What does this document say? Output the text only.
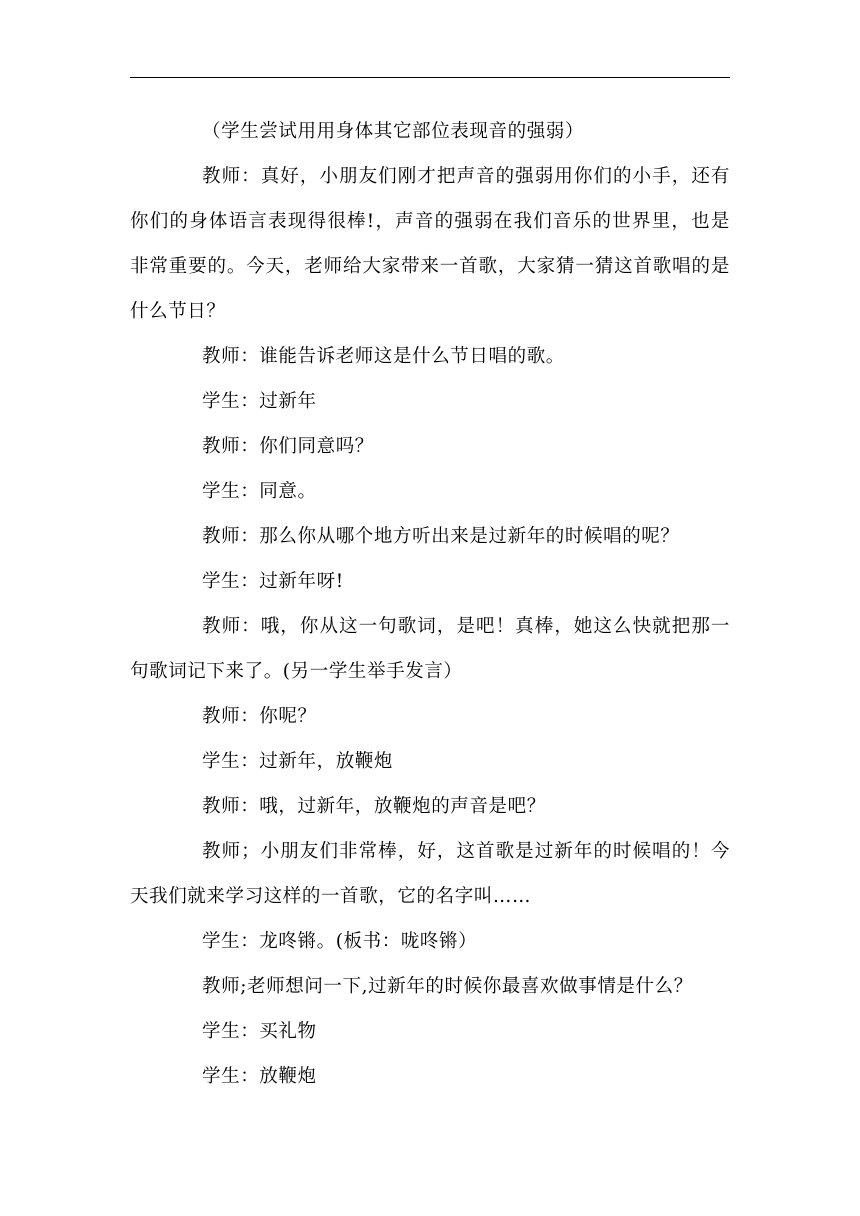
（学生尝试用用身体其它部位表现音的强弱）

教师：真好，小朋友们刚才把声音的强弱用你们的小手，还有你们的身体语言表现得很棒!，声音的强弱在我们音乐的世界里，也是非常重要的。今天，老师给大家带来一首歌，大家猜一猜这首歌唱的是什么节日？

教师：谁能告诉老师这是什么节日唱的歌。

学生：过新年

教师：你们同意吗？

学生：同意。

教师：那么你从哪个地方听出来是过新年的时候唱的呢？

学生：过新年呀!

教师：哦，你从这一句歌词，是吧！真棒，她这么快就把那一句歌词记下来了。(另一学生举手发言）

教师：你呢？

学生：过新年，放鞭炮

教师：哦，过新年，放鞭炮的声音是吧？

教师；小朋友们非常棒，好，这首歌是过新年的时候唱的！今天我们就来学习这样的一首歌，它的名字叫……

学生：龙咚锵。(板书：咙咚锵）

教师;老师想问一下,过新年的时候你最喜欢做事情是什么？

学生：买礼物

学生：放鞭炮
